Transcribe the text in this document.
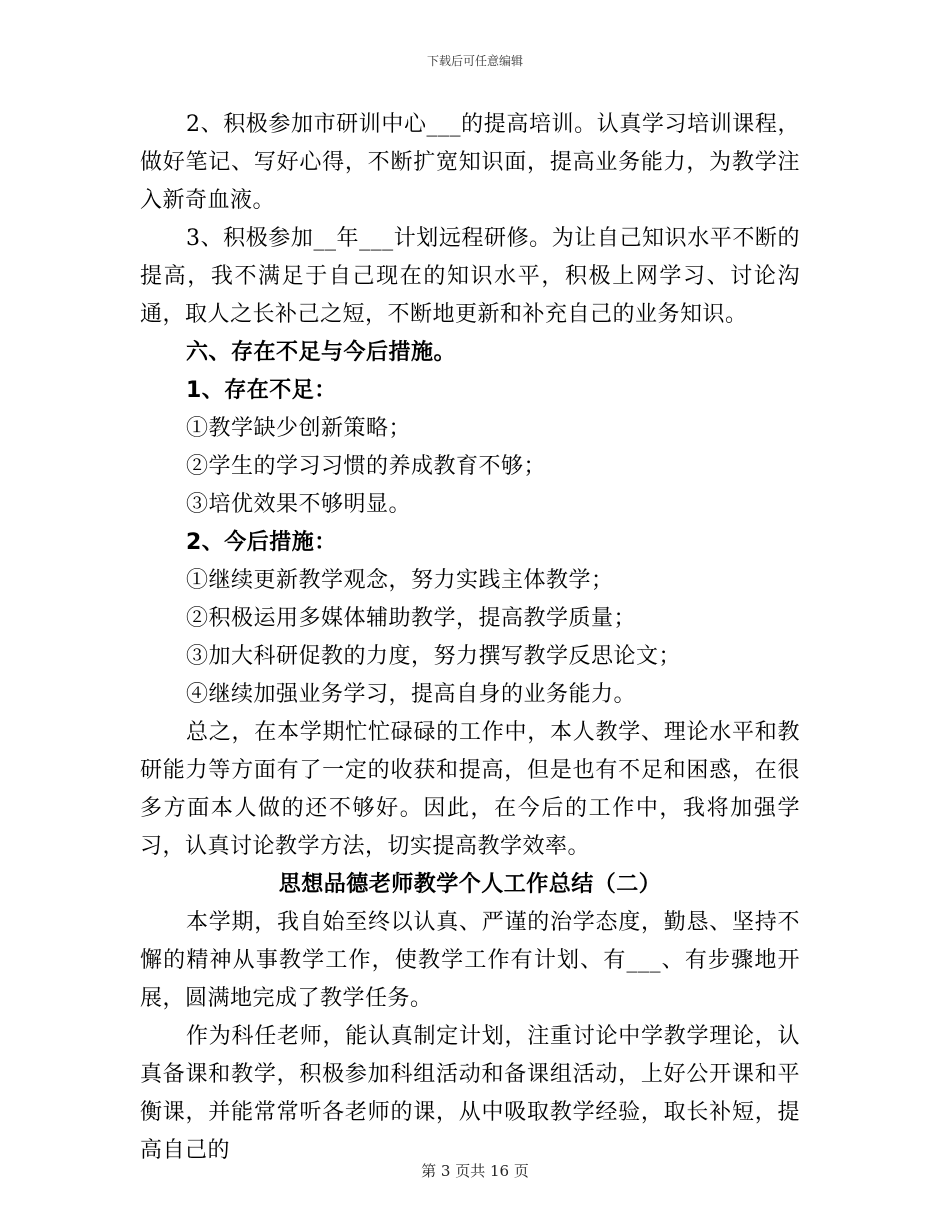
下载后可任意编辑

2、积极参加市研训中心___的提高培训。认真学习培训课程，做好笔记、写好心得，不断扩宽知识面，提高业务能力，为教学注入新奇血液。

3、积极参加__年___计划远程研修。为让自己知识水平不断的提高，我不满足于自己现在的知识水平，积极上网学习、讨论沟通，取人之长补己之短，不断地更新和补充自己的业务知识。

六、存在不足与今后措施。

1、存在不足：

①教学缺少创新策略；

②学生的学习习惯的养成教育不够；

③培优效果不够明显。

2、今后措施：

①继续更新教学观念，努力实践主体教学；

②积极运用多媒体辅助教学，提高教学质量；

③加大科研促教的力度，努力撰写教学反思论文；

④继续加强业务学习，提高自身的业务能力。

总之，在本学期忙忙碌碌的工作中，本人教学、理论水平和教研能力等方面有了一定的收获和提高，但是也有不足和困惑，在很多方面本人做的还不够好。因此，在今后的工作中，我将加强学习，认真讨论教学方法，切实提高教学效率。

思想品德老师教学个人工作总结（二）

本学期，我自始至终以认真、严谨的治学态度，勤恳、坚持不懈的精神从事教学工作，使教学工作有计划、有___、有步骤地开展，圆满地完成了教学任务。

作为科任老师，能认真制定计划，注重讨论中学教学理论，认真备课和教学，积极参加科组活动和备课组活动，上好公开课和平衡课，并能常常听各老师的课，从中吸取教学经验，取长补短，提高自己的

第 3 页共 16 页
